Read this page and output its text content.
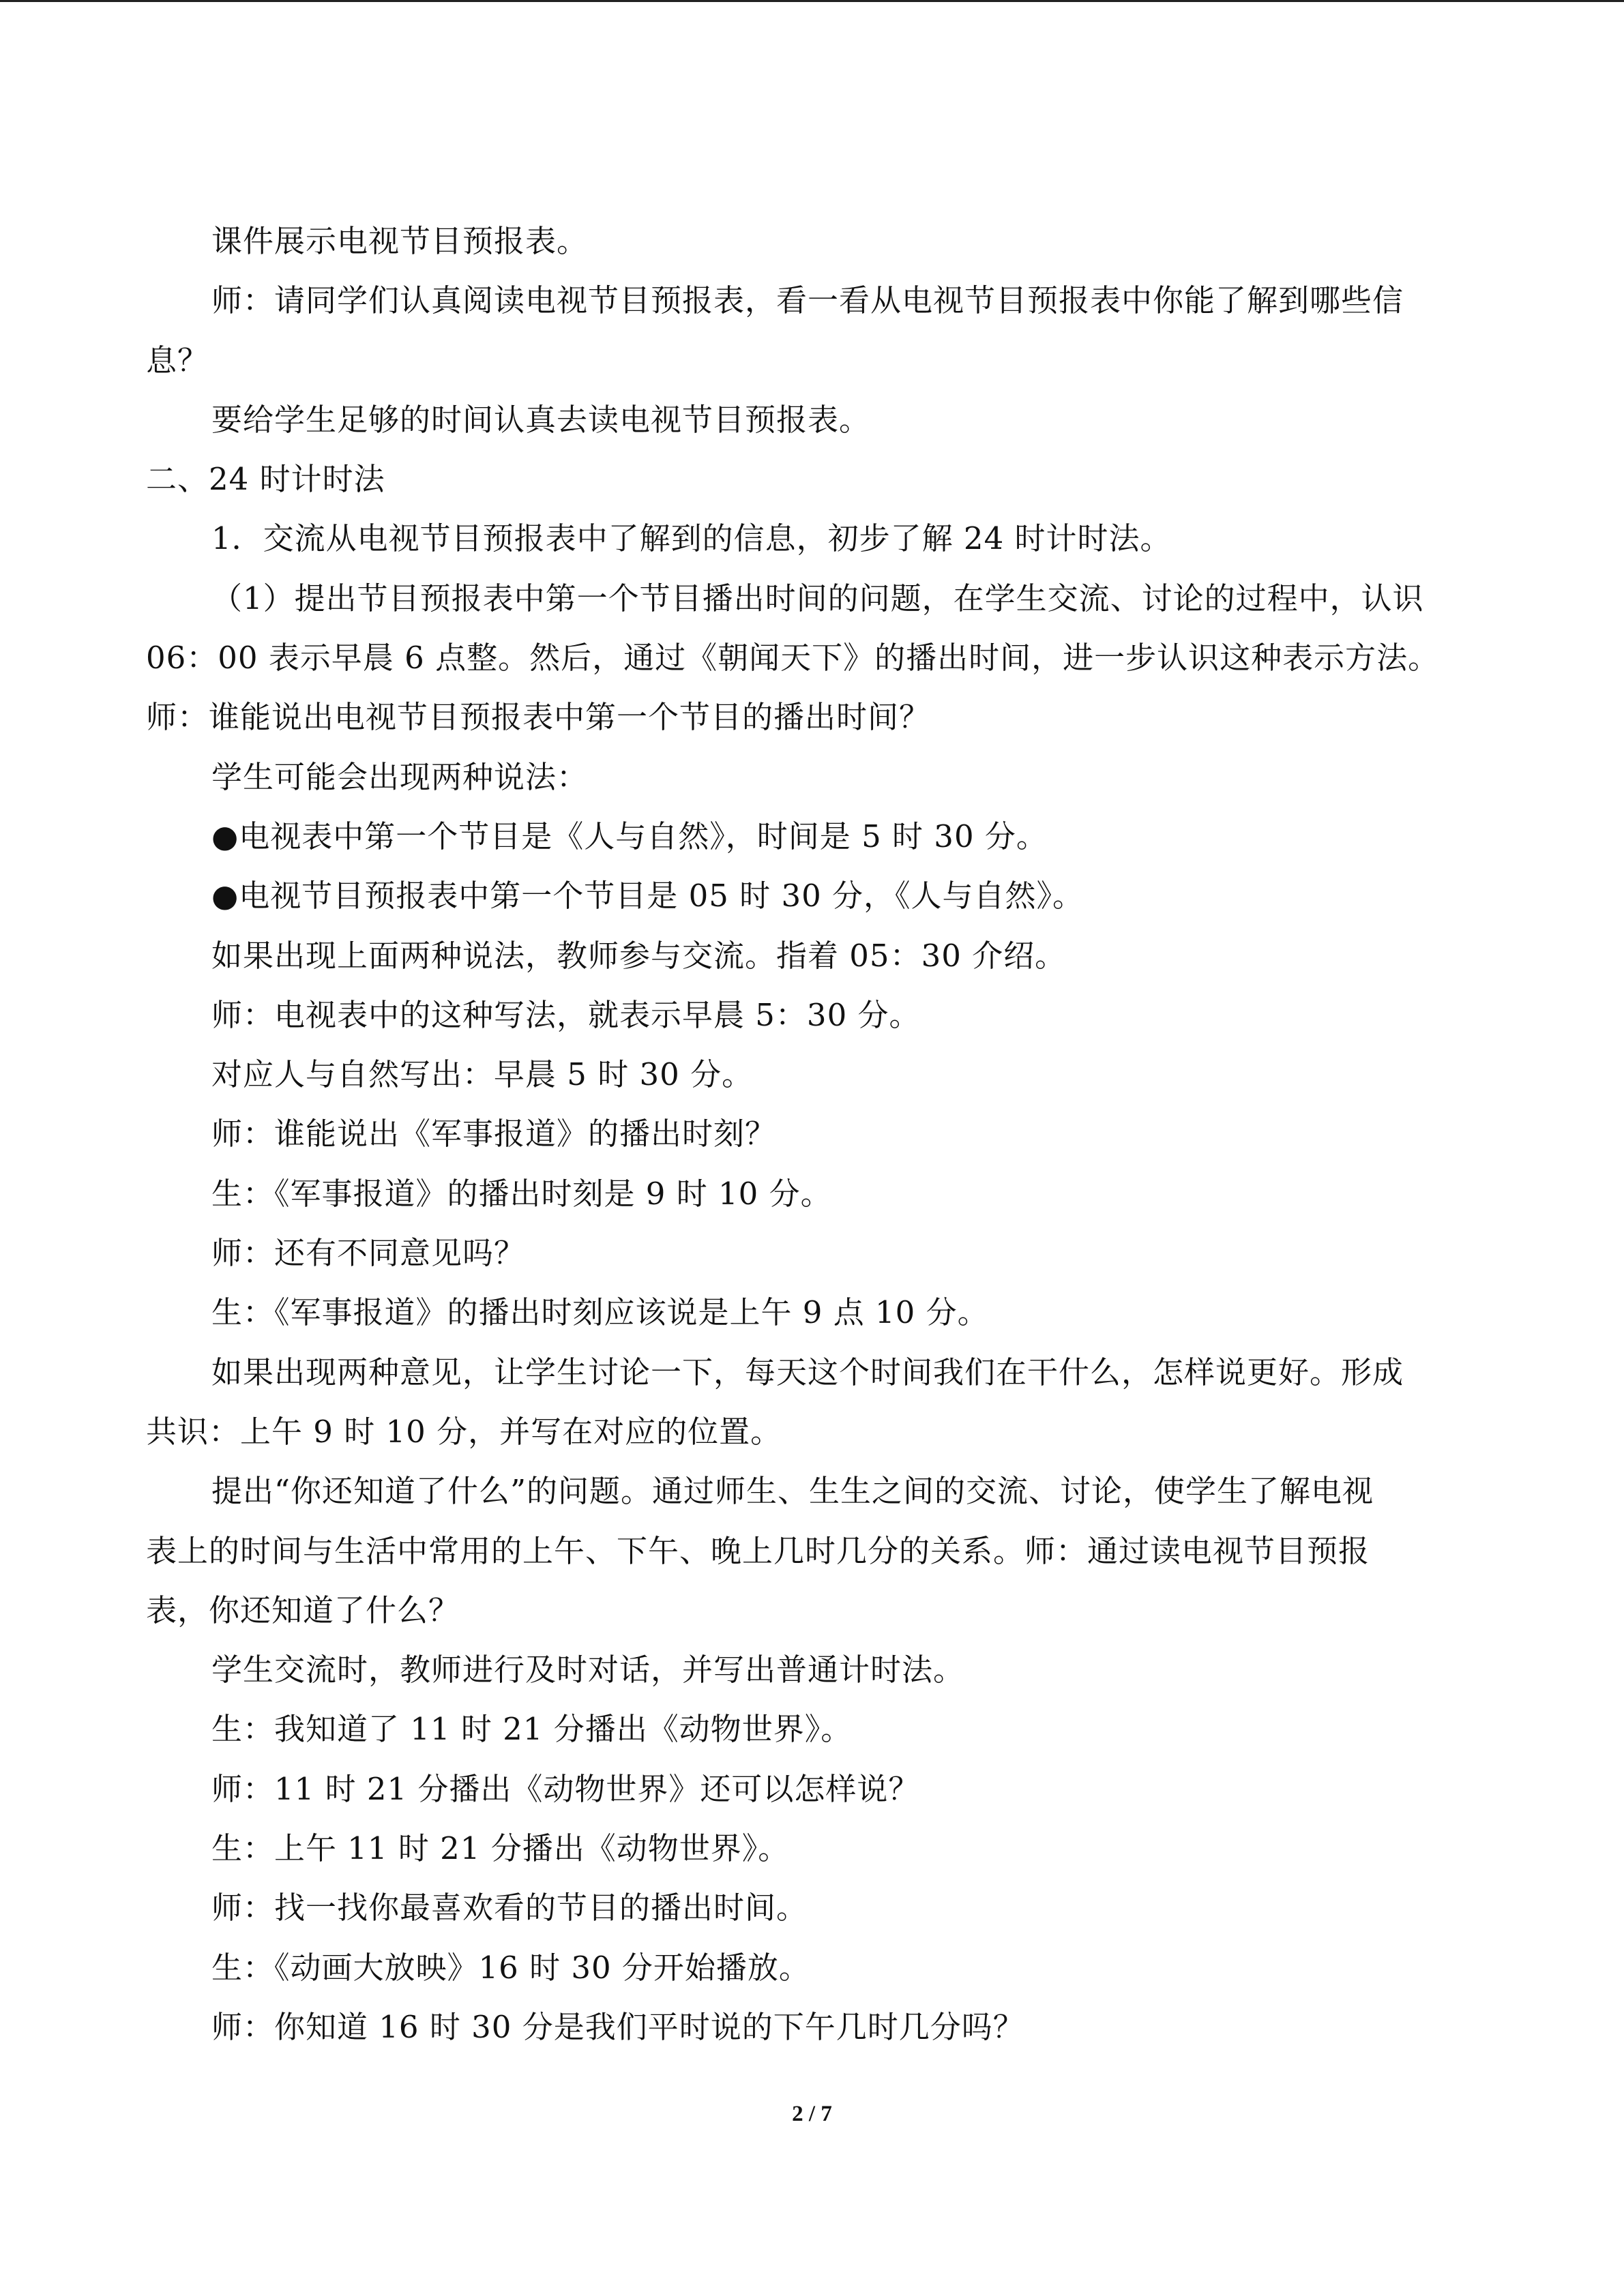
课件展示电视节目预报表。
师：请同学们认真阅读电视节目预报表，看一看从电视节目预报表中你能了解到哪些信
息？
要给学生足够的时间认真去读电视节目预报表。
二、24 时计时法
1．交流从电视节目预报表中了解到的信息，初步了解 24 时计时法。
（1）提出节目预报表中第一个节目播出时间的问题，在学生交流、讨论的过程中，认识
06：00 表示早晨 6 点整。然后，通过《朝闻天下》的播出时间，进一步认识这种表示方法。
师：谁能说出电视节目预报表中第一个节目的播出时间？
学生可能会出现两种说法：
●电视表中第一个节目是《人与自然》，时间是 5 时 30 分。
●电视节目预报表中第一个节目是 05 时 30 分，《人与自然》。
如果出现上面两种说法，教师参与交流。指着 05：30 介绍。
师：电视表中的这种写法，就表示早晨 5：30 分。
对应人与自然写出：早晨 5 时 30 分。
师：谁能说出《军事报道》的播出时刻？
生：《军事报道》的播出时刻是 9 时 10 分。
师：还有不同意见吗？
生：《军事报道》的播出时刻应该说是上午 9 点 10 分。
如果出现两种意见，让学生讨论一下，每天这个时间我们在干什么，怎样说更好。形成
共识：上午 9 时 10 分，并写在对应的位置。
提出“你还知道了什么”的问题。通过师生、生生之间的交流、讨论，使学生了解电视
表上的时间与生活中常用的上午、下午、晚上几时几分的关系。师：通过读电视节目预报
表，你还知道了什么？
学生交流时，教师进行及时对话，并写出普通计时法。
生：我知道了 11 时 21 分播出《动物世界》。
师：11 时 21 分播出《动物世界》还可以怎样说？
生：上午 11 时 21 分播出《动物世界》。
师：找一找你最喜欢看的节目的播出时间。
生：《动画大放映》16 时 30 分开始播放。
师：你知道 16 时 30 分是我们平时说的下午几时几分吗？
2 / 7
